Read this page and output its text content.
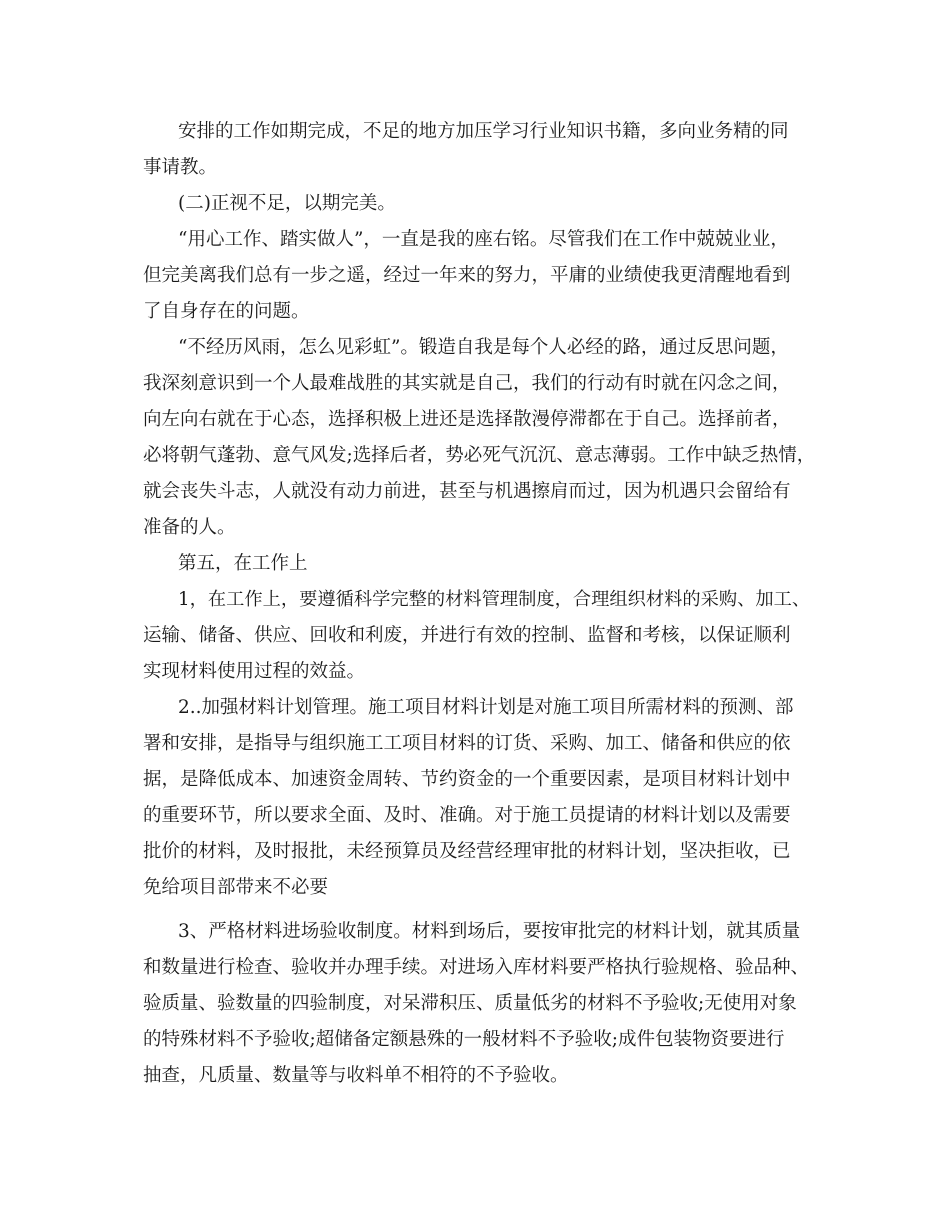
安排的工作如期完成，不足的地方加压学习行业知识书籍，多向业务精的同
事请教。
(二)正视不足，以期完美。
“用心工作、踏实做人”，一直是我的座右铭。尽管我们在工作中兢兢业业，
但完美离我们总有一步之遥，经过一年来的努力，平庸的业绩使我更清醒地看到
了自身存在的问题。
“不经历风雨，怎么见彩虹”。锻造自我是每个人必经的路，通过反思问题，
我深刻意识到一个人最难战胜的其实就是自己，我们的行动有时就在闪念之间，
向左向右就在于心态，选择积极上进还是选择散漫停滞都在于自己。选择前者，
必将朝气蓬勃、意气风发;选择后者，势必死气沉沉、意志薄弱。工作中缺乏热情，
就会丧失斗志，人就没有动力前进，甚至与机遇擦肩而过，因为机遇只会留给有
准备的人。
第五，在工作上
1，在工作上，要遵循科学完整的材料管理制度，合理组织材料的采购、加工、
运输、储备、供应、回收和利废，并进行有效的控制、监督和考核，以保证顺利
实现材料使用过程的效益。
2..加强材料计划管理。施工项目材料计划是对施工项目所需材料的预测、部
署和安排，是指导与组织施工工项目材料的订货、采购、加工、储备和供应的依
据，是降低成本、加速资金周转、节约资金的一个重要因素，是项目材料计划中
的重要环节，所以要求全面、及时、准确。对于施工员提请的材料计划以及需要
批价的材料，及时报批，未经预算员及经营经理审批的材料计划，坚决拒收，已
免给项目部带来不必要
3、严格材料进场验收制度。材料到场后，要按审批完的材料计划，就其质量
和数量进行检查、验收并办理手续。对进场入库材料要严格执行验规格、验品种、
验质量、验数量的四验制度，对呆滞积压、质量低劣的材料不予验收;无使用对象
的特殊材料不予验收;超储备定额悬殊的一般材料不予验收;成件包装物资要进行
抽查，凡质量、数量等与收料单不相符的不予验收。
